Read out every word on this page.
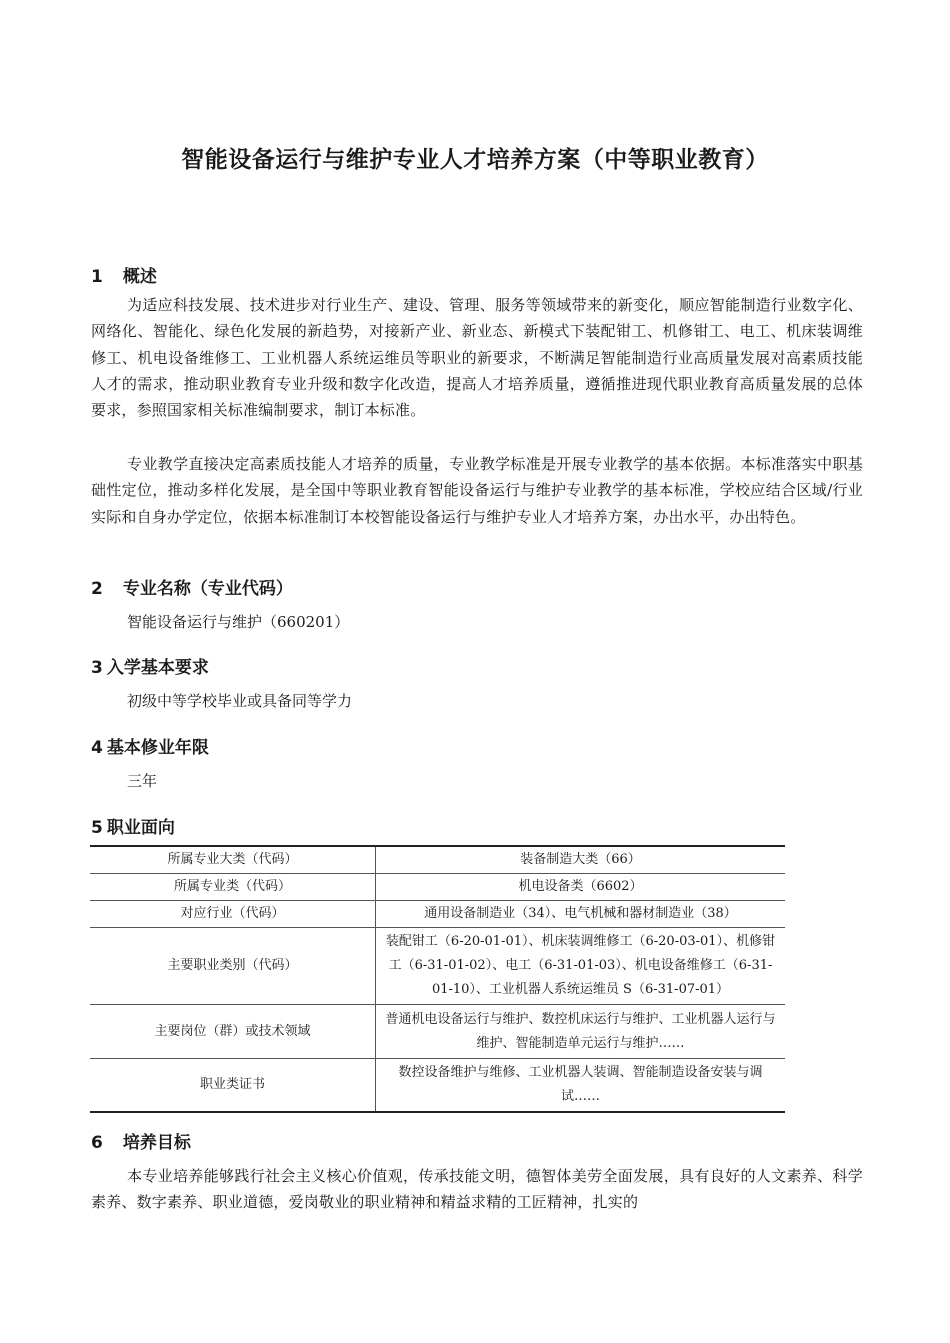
智能设备运行与维护专业人才培养方案（中等职业教育）
1 概述

为适应科技发展、技术进步对行业生产、建设、管理、服务等领域带来的新变化，顺应智能制造行业数字化、网络化、智能化、绿色化发展的新趋势，对接新产业、新业态、新模式下装配钳工、机修钳工、电工、机床装调维修工、机电设备维修工、工业机器人系统运维员等职业的新要求，不断满足智能制造行业高质量发展对高素质技能人才的需求，推动职业教育专业升级和数字化改造，提高人才培养质量，遵循推进现代职业教育高质量发展的总体要求，参照国家相关标准编制要求，制订本标准。

专业教学直接决定高素质技能人才培养的质量，专业教学标准是开展专业教学的基本依据。本标准落实中职基础性定位，推动多样化发展，是全国中等职业教育智能设备运行与维护专业教学的基本标准，学校应结合区域/行业实际和自身办学定位，依据本标准制订本校智能设备运行与维护专业人才培养方案，办出水平，办出特色。

2 专业名称（专业代码）

智能设备运行与维护（660201）

3 入学基本要求

初级中等学校毕业或具备同等学力

4 基本修业年限

三年

5 职业面向
所属专业大类（代码）	装备制造大类（66）
所属专业类（代码）	机电设备类（6602）
对应行业（代码）	通用设备制造业（34）、电气机械和器材制造业（38）
主要职业类别（代码）	装配钳工（6-20-01-01）、机床装调维修工（6-20-03-01）、机修钳工（6-31-01-02）、电工（6-31-01-03）、机电设备维修工（6-31-01-10）、工业机器人系统运维员 S（6-31-07-01）
主要岗位（群）或技术领域	普通机电设备运行与维护、数控机床运行与维护、工业机器人运行与维护、智能制造单元运行与维护……
职业类证书	数控设备维护与维修、工业机器人装调、智能制造设备安装与调试……
6 培养目标

本专业培养能够践行社会主义核心价值观，传承技能文明，德智体美劳全面发展，具有良好的人文素养、科学素养、数字素养、职业道德，爱岗敬业的职业精神和精益求精的工匠精神，扎实的
